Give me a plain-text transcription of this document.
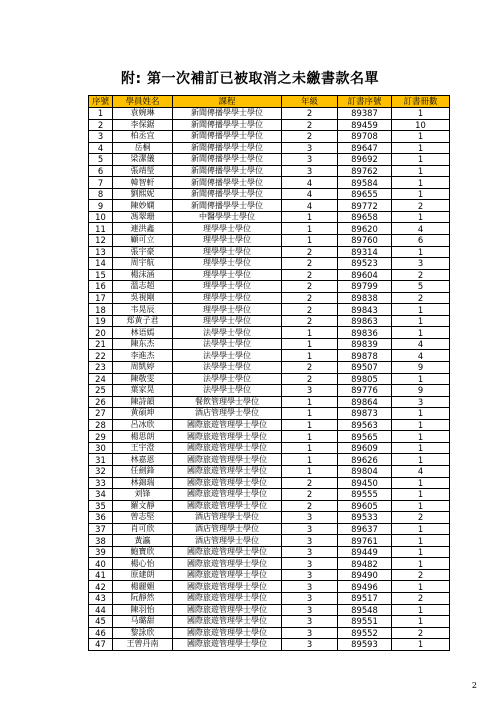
附: 第一次補訂已被取消之未繳書款名單
序號	學員姓名	課程	年級	訂書序號	訂書冊數
1	袁婉琳	新聞傳播學學士學位	2	89387	1
2	李保鋸	新聞傳播學學士學位	2	89459	10
3	柏丞宜	新聞傳播學學士學位	2	89708	1
4	岳桐	新聞傳播學學士學位	3	89647	1
5	梁潔儀	新聞傳播學學士學位	3	89692	1
6	張靖瑩	新聞傳播學學士學位	3	89762	1
7	韓智軒	新聞傳播學學士學位	4	89584	1
8	劉熙妮	新聞傳播學學士學位	4	89655	1
9	陳妙嫻	新聞傳播學學士學位	4	89772	2
10	馮翠珊	中醫學學士學位	1	89658	1
11	連洪鑫	理學學士學位	1	89620	4
12	顧可立	理學學士學位	1	89760	6
13	張宇豪	理學學士學位	2	89314	1
14	周宇航	理學學士學位	2	89523	3
15	楊沫涵	理學學士學位	2	89604	2
16	溫志超	理學學士學位	2	89799	5
17	吳視剛	理學學士學位	2	89838	2
18	韦晃辰	理學學士學位	2	89843	1
19	郑黄子君	理學學士學位	2	89863	1
20	林语嫣	法學學士學位	1	89836	1
21	陳东杰	法學學士學位	1	89839	4
22	李進杰	法學學士學位	1	89878	4
23	周凱婷	法學學士學位	2	89507	9
24	陳敬雯	法學學士學位	2	89805	1
25	葉家晃	法學學士學位	3	89776	9
26	陳詩韻	餐飲管理學士學位	1	89864	3
27	黄碩坤	酒店管理學士學位	1	89873	1
28	呂冰欣	國際旅遊管理學士學位	1	89563	1
29	楊思朗	國際旅遊管理學士學位	1	89565	1
30	王宇澄	國際旅遊管理學士學位	1	89609	1
31	林嘉恩	國際旅遊管理學士學位	1	89626	1
32	任劍鋒	國際旅遊管理學士學位	1	89804	4
33	林錦瑞	國際旅遊管理學士學位	2	89450	1
34	刘锋	國際旅遊管理學士學位	2	89555	1
35	羅文靜	國際旅遊管理學士學位	2	89605	1
36	曾志堅	酒店管理學士學位	3	89533	2
37	肖可欣	酒店管理學士學位	3	89637	1
38	黃瀛	酒店管理學士學位	3	89761	1
39	鮑寶欣	國際旅遊管理學士學位	3	89449	1
40	楊心怡	國際旅遊管理學士學位	3	89482	1
41	原建朗	國際旅遊管理學士學位	3	89490	2
42	楊麗媚	國際旅遊管理學士學位	3	89496	1
43	阮靜然	國際旅遊管理學士學位	3	89517	2
44	陳羽怡	國際旅遊管理學士學位	3	89548	1
45	马璐甜	國際旅遊管理學士學位	3	89551	1
46	黎詠欣	國際旅遊管理學士學位	3	89552	2
47	王曾丹南	國際旅遊管理學士學位	3	89593	1
2
